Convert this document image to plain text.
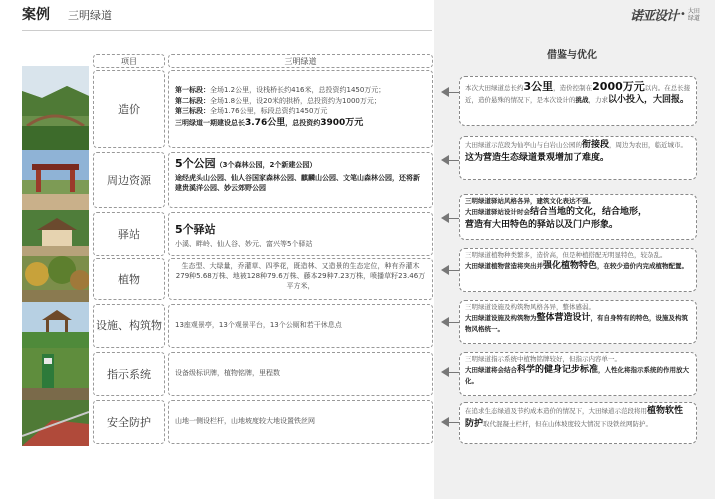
案例 三明绿道	诺亚设计 • 大田
绿道
项目
造价
周边资源
驿站
植物
设施、构筑物
指示系统
安全防护
三明绿道
第一标段：全场1.2公里，设栈桥长约416米，总投资约1450万元；
第二标段：全场1.8公里，设20米的拱桥，总投资约为1000万元；
第三标段：全场1.76公里，标段总资约1450万元
三明绿道一期建设总长3.76公里，总投资约3900万元
5个公园（3个森林公园，2个新建公园）
途经虎头山公园、仙人谷国家森林公园、麒麟山公园、文笔山森林公园，还将新建贵溪洋公园、妙云郊野公园
5个驿站
小溪、畔岭、仙人谷、妙元、富兴等5个驿站
生态型、大绿量，乔灌草、四季花，既造林、又造景的生态定位，种有乔灌木279种5.68万株、地被128种79.6万株、藤本29种7.23万株，喷播草籽23.46万平方米，
13座观景亭，13个观景平台，13个公厕和若干休息点
设备级标识牌，植物铭牌，里程数
山地一侧设栏杆，山地坡度较大地设置铁丝网
借鉴与优化
本次大田绿道总长约3公里，造价控制在2000万元以内。在总长接近，造价悬殊的情况下，是本次设计的挑战，力求以小投入，大回报。
大田绿道示范段为仙亭山与白岩山公园的衔接段，周边为农田，临近城市。
这为营造生态绿道景观增加了难度。
三明绿道驿站风格各异，建筑文化表达不强。
大田绿道驿站设计时会结合当地的文化，结合地形，
营造有大田特色的驿站以及门户形象。
三明绿道植物种类繁多，造价高，但是种植搭配无明显特色，较杂乱。
大田绿道植物营造将突出并强化植物特色，在较少造价内完成植物配置。
三明绿道设施及构筑物风格各异，整体感弱。
大田绿道设施及构筑物为整体营造设计，有自身特有的特色，设施及构筑物风格统一。
三明绿道指示系统中植物铭牌较好，但指示内容单一。
大田绿道将会结合科学的健身记步标准，人性化将指示系统的作用放大化。
在追求生态绿道及节约成本造价的情况下，大田绿道示范段将用植物软性防护取代混凝土栏杆，但在山体坡度较大情况下设铁丝网防护。
